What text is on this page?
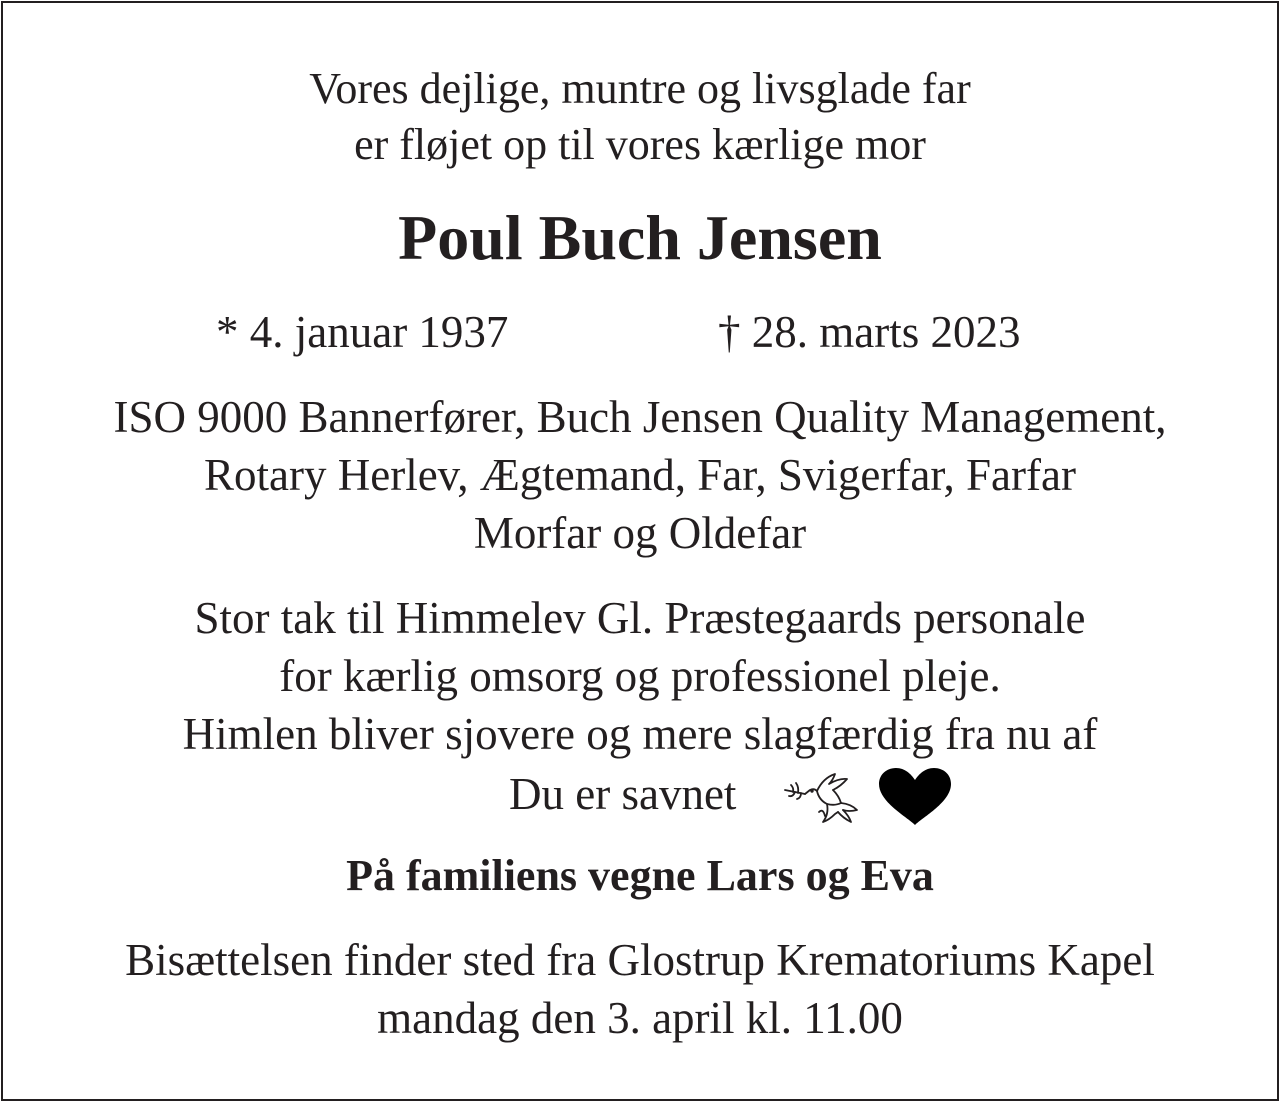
Vores dejlige, muntre og livsglade far
er fløjet op til vores kærlige mor
Poul Buch Jensen
* 4. januar 1937	† 28. marts 2023
ISO 9000 Bannerfører, Buch Jensen Quality Management,
Rotary Herlev, Ægtemand, Far, Svigerfar, Farfar
Morfar og Oldefar
Stor tak til Himmelev Gl. Præstegaards personale
for kærlig omsorg og professionel pleje.
Himlen bliver sjovere og mere slagfærdig fra nu af
Du er savnet
På familiens vegne Lars og Eva
Bisættelsen finder sted fra Glostrup Krematoriums Kapel
mandag den 3. april kl. 11.00
